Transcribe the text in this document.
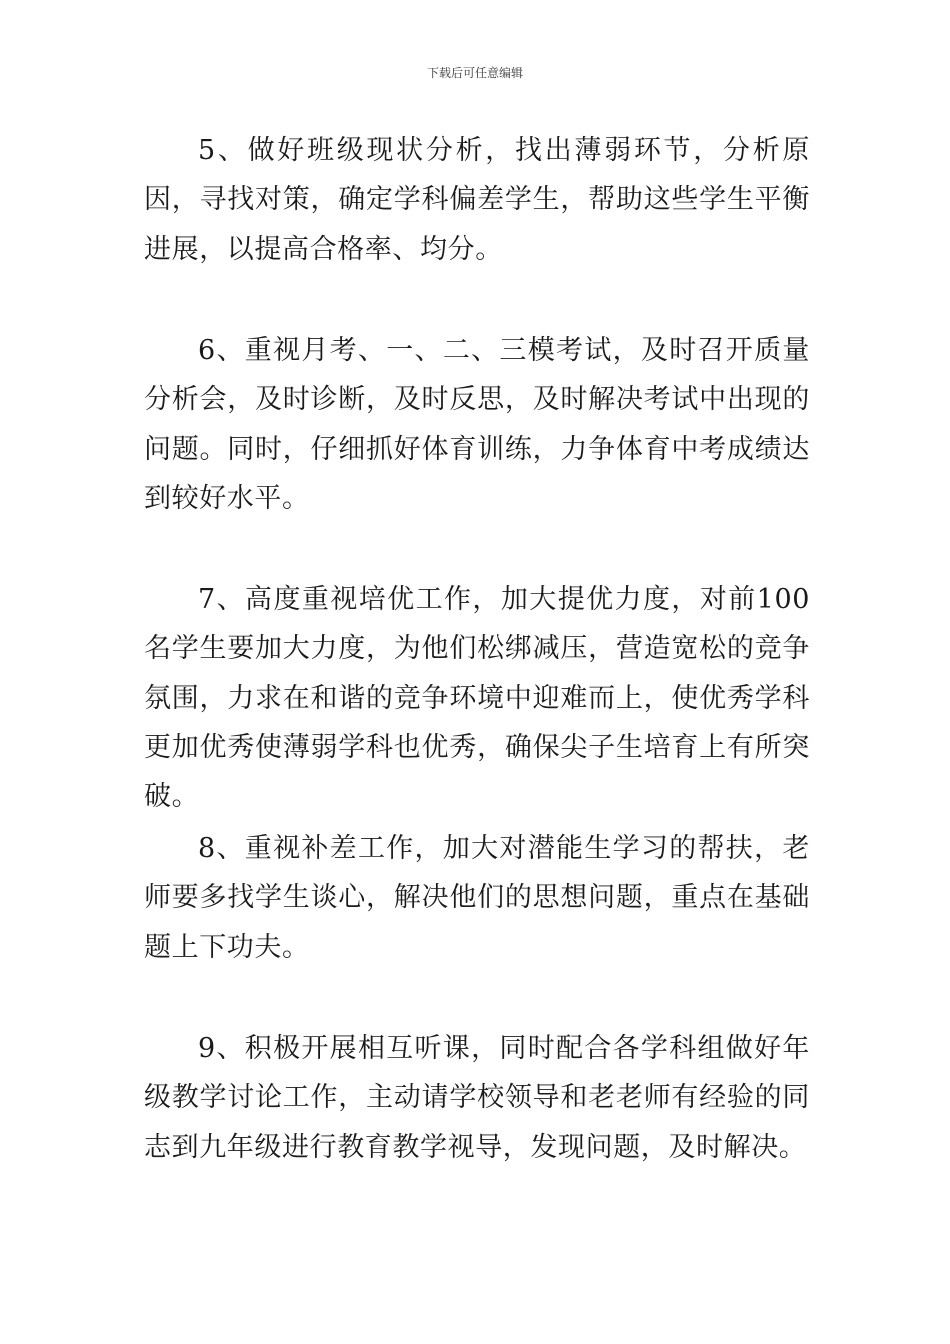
下载后可任意编辑

5、做好班级现状分析，找出薄弱环节，分析原因，寻找对策，确定学科偏差学生，帮助这些学生平衡进展，以提高合格率、均分。

6、重视月考、一、二、三模考试，及时召开质量分析会，及时诊断，及时反思，及时解决考试中出现的问题。同时，仔细抓好体育训练，力争体育中考成绩达到较好水平。

7、高度重视培优工作，加大提优力度，对前100名学生要加大力度，为他们松绑减压，营造宽松的竞争氛围，力求在和谐的竞争环境中迎难而上，使优秀学科更加优秀使薄弱学科也优秀，确保尖子生培育上有所突破。

8、重视补差工作，加大对潜能生学习的帮扶，老师要多找学生谈心，解决他们的思想问题，重点在基础题上下功夫。

9、积极开展相互听课，同时配合各学科组做好年级教学讨论工作，主动请学校领导和老老师有经验的同志到九年级进行教育教学视导，发现问题，及时解决。
